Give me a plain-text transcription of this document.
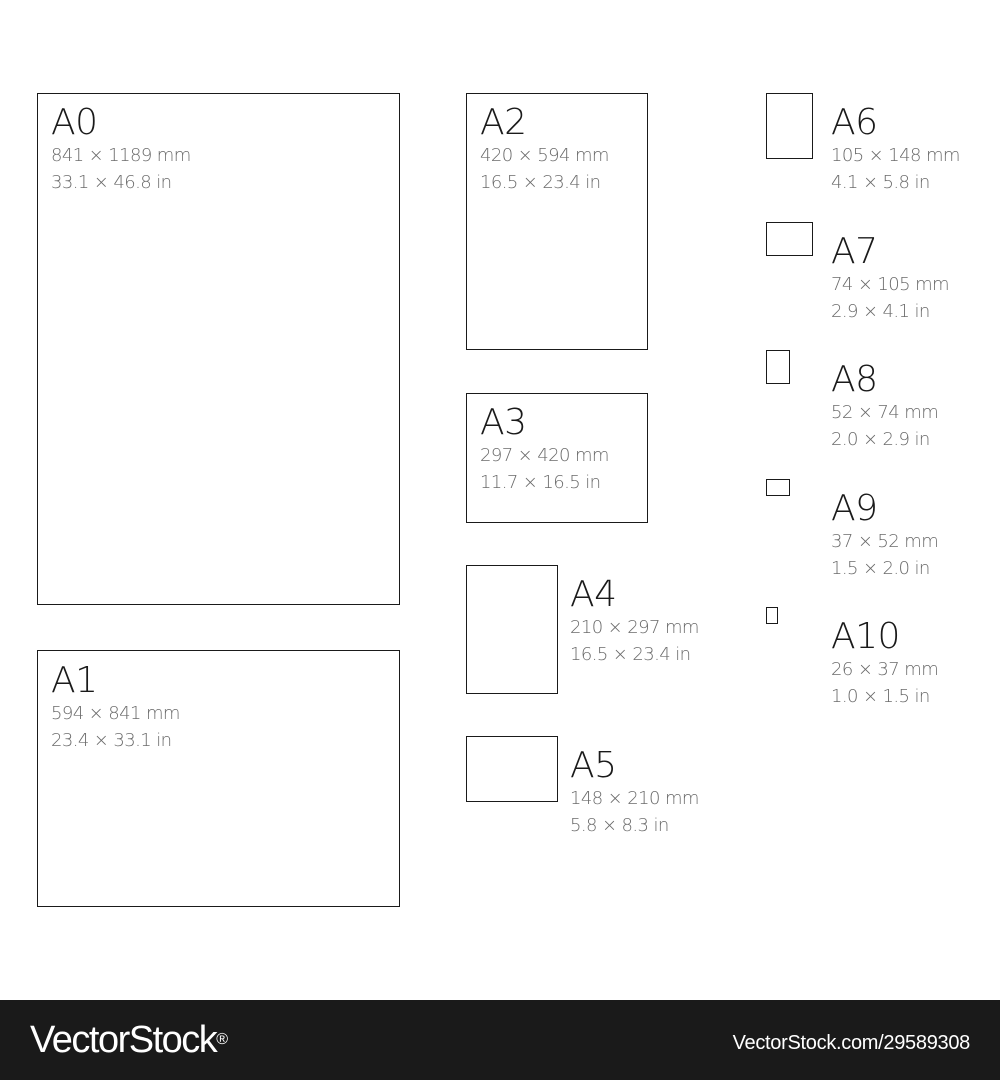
A0
841 × 1189 mm
33.1 × 46.8 in
A1
594 × 841 mm
23.4 × 33.1 in
A2
420 × 594 mm
16.5 × 23.4 in
A3
297 × 420 mm
11.7 × 16.5 in
A4
210 × 297 mm
16.5 × 23.4 in
A5
148 × 210 mm
5.8 × 8.3 in
A6
105 × 148 mm
4.1 × 5.8 in
A7
74 × 105 mm
2.9 × 4.1 in
A8
52 × 74 mm
2.0 × 2.9 in
A9
37 × 52 mm
1.5 × 2.0 in
A10
26 × 37 mm
1.0 × 1.5 in
VectorStock®	VectorStock.com/29589308
